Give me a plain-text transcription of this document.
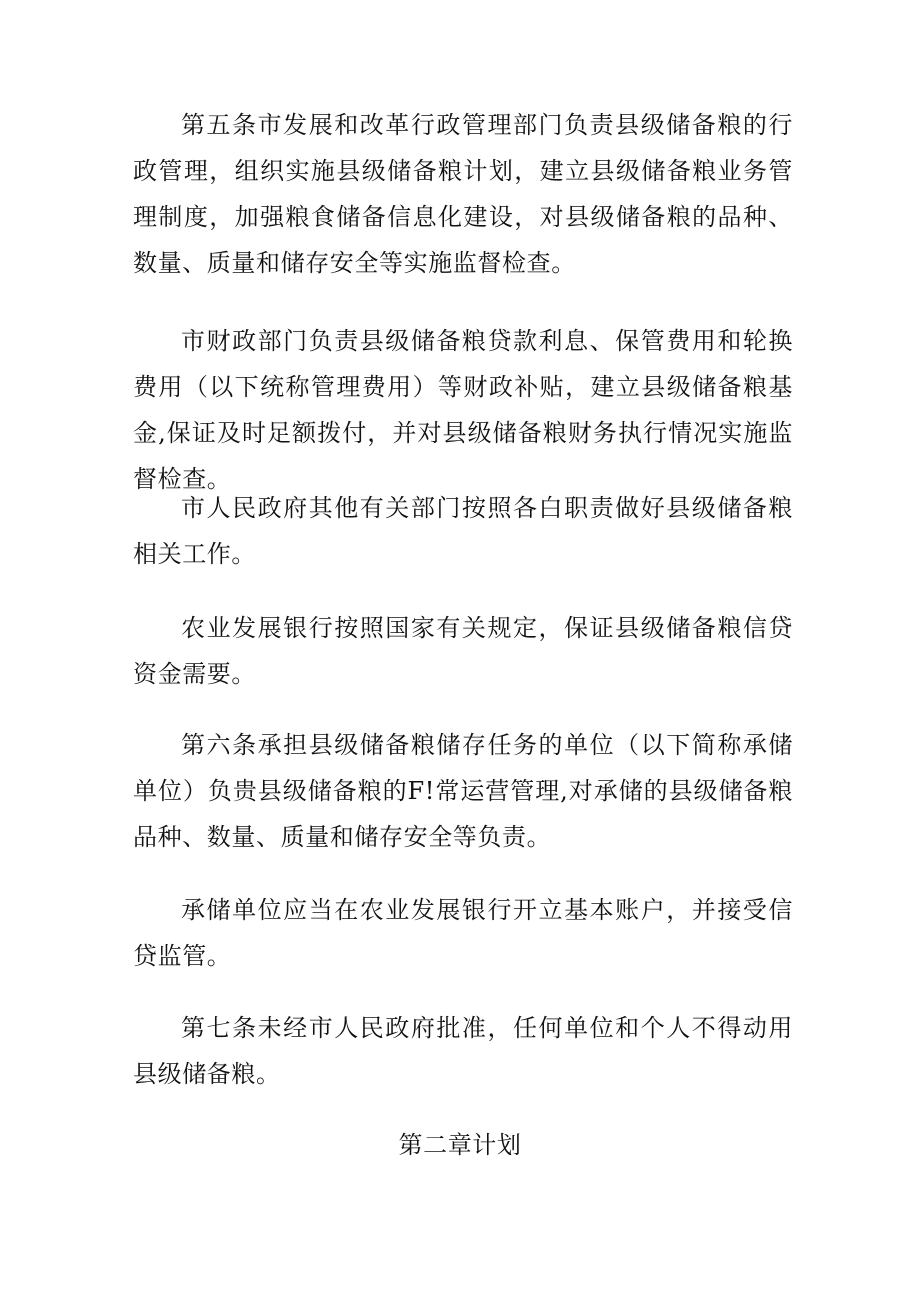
第五条市发展和改革行政管理部门负责县级储备粮的行政管理，组织实施县级储备粮计划，建立县级储备粮业务管理制度，加强粮食储备信息化建设，对县级储备粮的品种、数量、质量和储存安全等实施监督检查。

市财政部门负责县级储备粮贷款利息、保管费用和轮换费用（以下统称管理费用）等财政补贴，建立县级储备粮基金,保证及时足额拨付，并对县级储备粮财务执行情况实施监督检查。

市人民政府其他有关部门按照各白职责做好县级储备粮相关工作。

农业发展银行按照国家有关规定，保证县级储备粮信贷资金需要。

第六条承担县级储备粮储存任务的单位（以下简称承储单位）负贵县级储备粮的F!常运营管理,对承储的县级储备粮品种、数量、质量和储存安全等负责。

承储单位应当在农业发展银行开立基本账户，并接受信贷监管。

第七条未经市人民政府批准，任何单位和个人不得动用县级储备粮。

第二章计划
